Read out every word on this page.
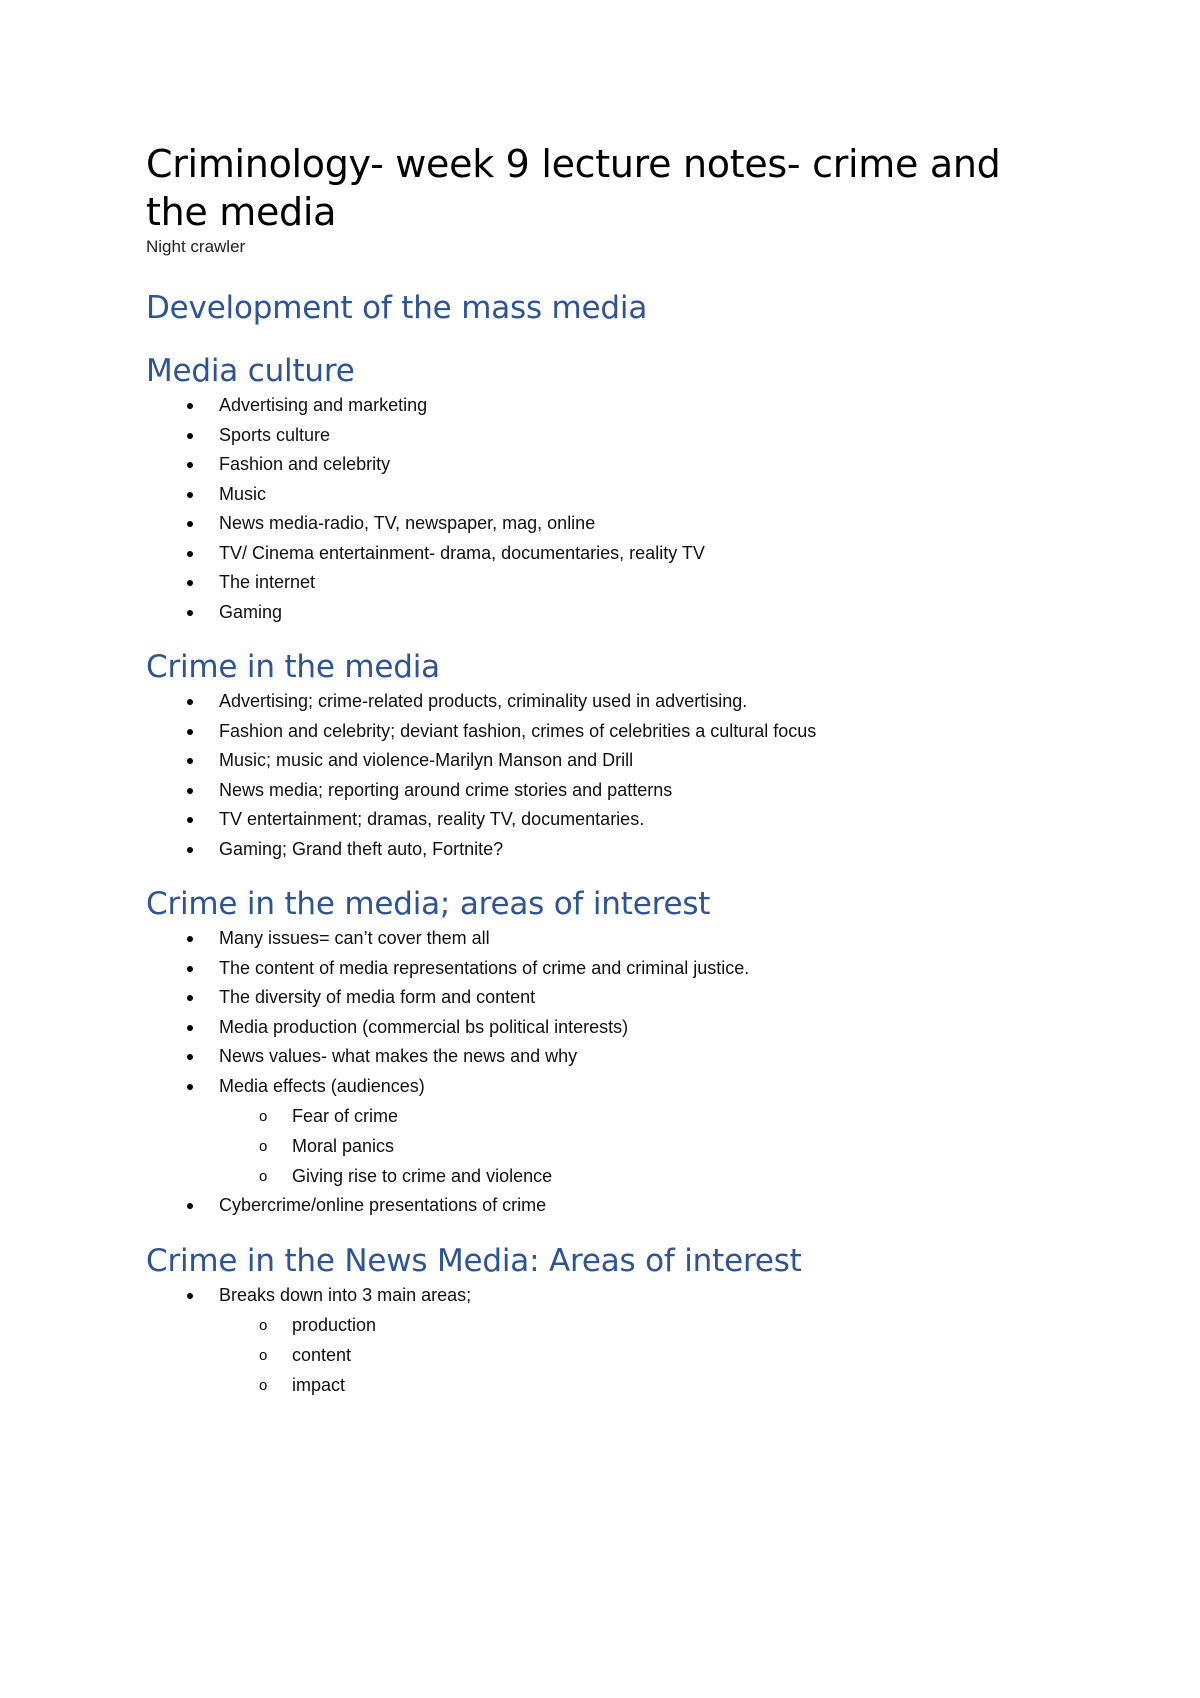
Criminology- week 9 lecture notes- crime and the media

Night crawler

Development of the mass media
Media culture
Advertising and marketing
Sports culture
Fashion and celebrity
Music
News media-radio, TV, newspaper, mag, online
TV/ Cinema entertainment- drama, documentaries, reality TV
The internet
Gaming
Crime in the media
Advertising; crime-related products, criminality used in advertising.
Fashion and celebrity; deviant fashion, crimes of celebrities a cultural focus
Music; music and violence-Marilyn Manson and Drill
News media; reporting around crime stories and patterns
TV entertainment; dramas, reality TV, documentaries.
Gaming; Grand theft auto, Fortnite?
Crime in the media; areas of interest
Many issues= can’t cover them all
The content of media representations of crime and criminal justice.
The diversity of media form and content
Media production (commercial bs political interests)
News values- what makes the news and why
Media effects (audiences)
o Fear of crime
o Moral panics
o Giving rise to crime and violence
Cybercrime/online presentations of crime
Crime in the News Media: Areas of interest
Breaks down into 3 main areas;
o production
o content
o impact
